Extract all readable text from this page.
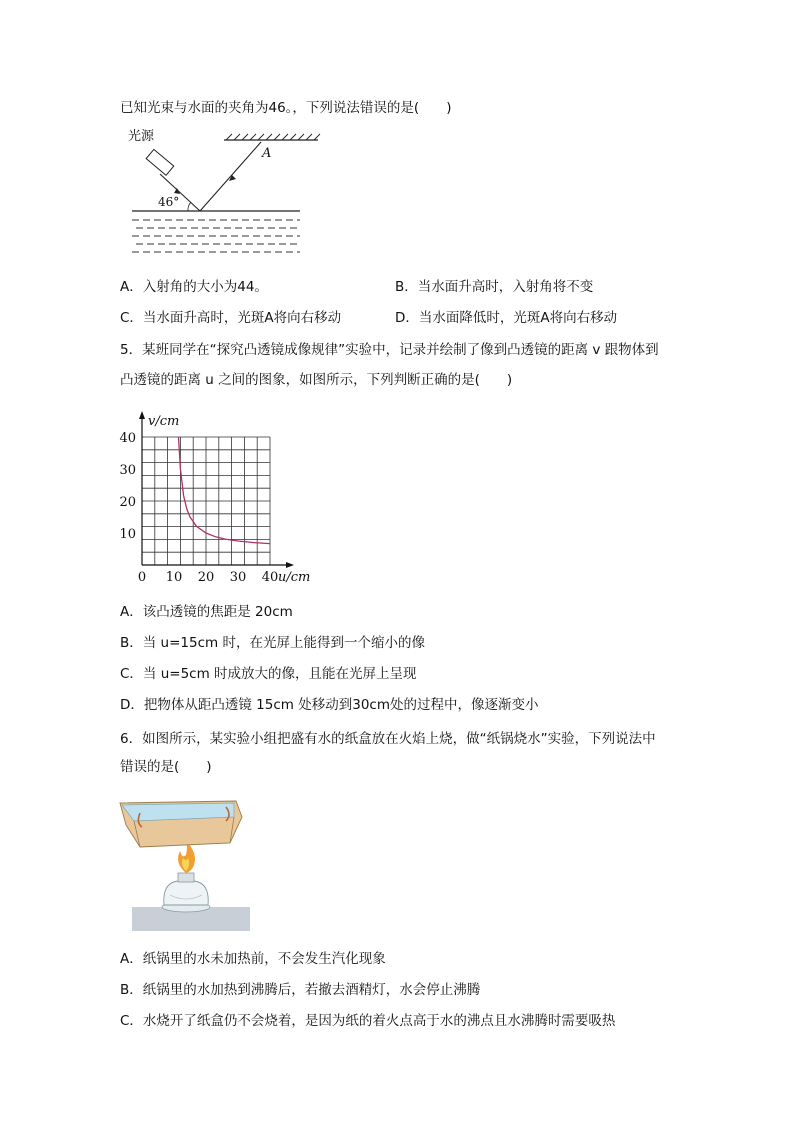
已知光束与水面的夹角为46。，下列说法错误的是(　　)
光源
A
46°
A．入射角的大小为44。	B．当水面升高时，入射角将不变
C．当水面升高时，光斑A将向右移动	D．当水面降低时，光斑A将向右移动
5．某班同学在“探究凸透镜成像规律”实验中，记录并绘制了像到凸透镜的距离 v 跟物体到
凸透镜的距离 u 之间的图象，如图所示，下列判断正确的是(　　)
0 10 20 30 40
10
20
30
40
u/cm
v/cm
A．该凸透镜的焦距是 20cm
B．当 u=15cm 时，在光屏上能得到一个缩小的像
C．当 u=5cm 时成放大的像，且能在光屏上呈现
D．把物体从距凸透镜 15cm 处移动到30cm处的过程中，像逐渐变小
6．如图所示，某实验小组把盛有水的纸盒放在火焰上烧，做“纸锅烧水”实验，下列说法中
错误的是(　　)
A．纸锅里的水未加热前，不会发生汽化现象
B．纸锅里的水加热到沸腾后，若撤去酒精灯，水会停止沸腾
C．水烧开了纸盒仍不会烧着，是因为纸的着火点高于水的沸点且水沸腾时需要吸热
